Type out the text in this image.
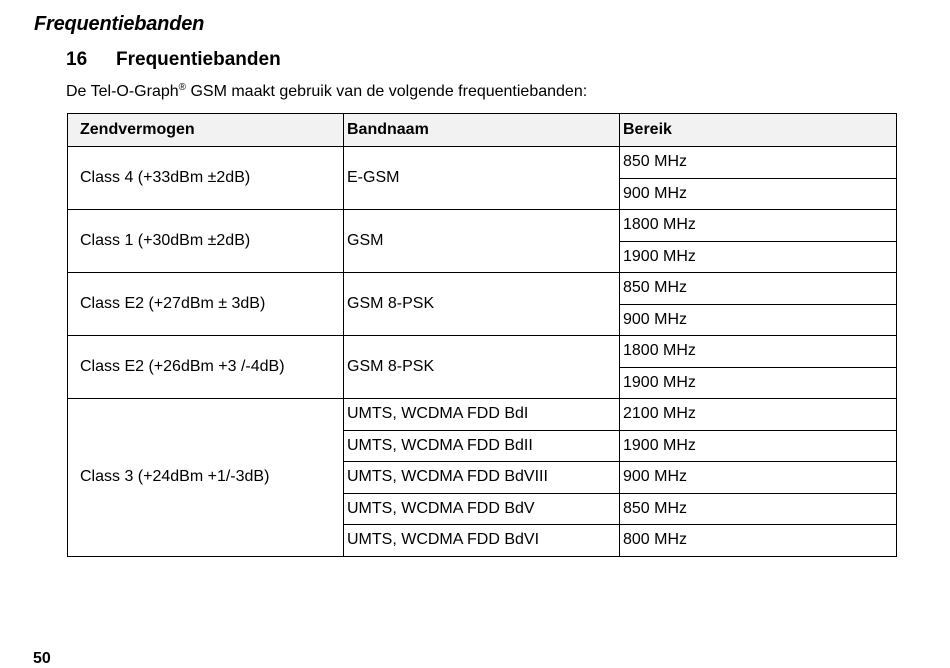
Frequentiebanden
16 Frequentiebanden
De Tel-O-Graph® GSM maakt gebruik van de volgende frequentiebanden:
Zendvermogen	Bandnaam	Bereik
Class 4 (+33dBm ±2dB)	E-GSM	850 MHz
		900 MHz
Class 1 (+30dBm ±2dB)	GSM	1800 MHz
		1900 MHz
Class E2 (+27dBm ± 3dB)	GSM 8-PSK	850 MHz
		900 MHz
Class E2 (+26dBm +3 /-4dB)	GSM 8-PSK	1800 MHz
		1900 MHz
Class 3 (+24dBm +1/-3dB)	UMTS, WCDMA FDD BdI	2100 MHz
	UMTS, WCDMA FDD BdII	1900 MHz
	UMTS, WCDMA FDD BdVIII	900 MHz
	UMTS, WCDMA FDD BdV	850 MHz
	UMTS, WCDMA FDD BdVI	800 MHz
50
